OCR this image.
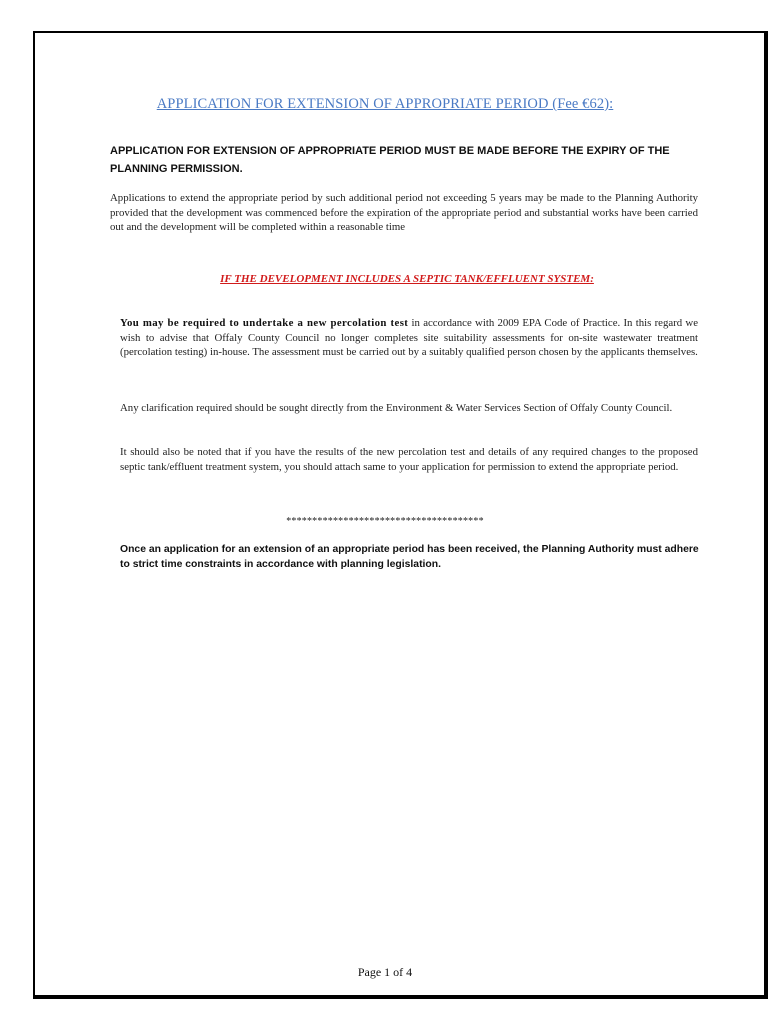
APPLICATION FOR EXTENSION OF APPROPRIATE PERIOD (Fee €62):
APPLICATION FOR EXTENSION OF APPROPRIATE PERIOD MUST BE MADE BEFORE THE EXPIRY OF THE PLANNING PERMISSION.
Applications to extend the appropriate period by such additional period not exceeding 5 years may be made to the Planning Authority provided that the development was commenced before the expiration of the appropriate period and substantial works have been carried out and the development will be completed within a reasonable time
IF THE DEVELOPMENT INCLUDES A SEPTIC TANK/EFFLUENT SYSTEM:
You may be required to undertake a new percolation test in accordance with 2009 EPA Code of Practice. In this regard we wish to advise that Offaly County Council no longer completes site suitability assessments for on-site wastewater treatment (percolation testing) in-house. The assessment must be carried out by a suitably qualified person chosen by the applicants themselves.
Any clarification required should be sought directly from the Environment & Water Services Section of Offaly County Council.
It should also be noted that if you have the results of the new percolation test and details of any required changes to the proposed septic tank/effluent treatment system, you should attach same to your application for permission to extend the appropriate period.
**************************************
Once an application for an extension of an appropriate period has been received, the Planning Authority must adhere to strict time constraints in accordance with planning legislation.
Page 1 of 4
